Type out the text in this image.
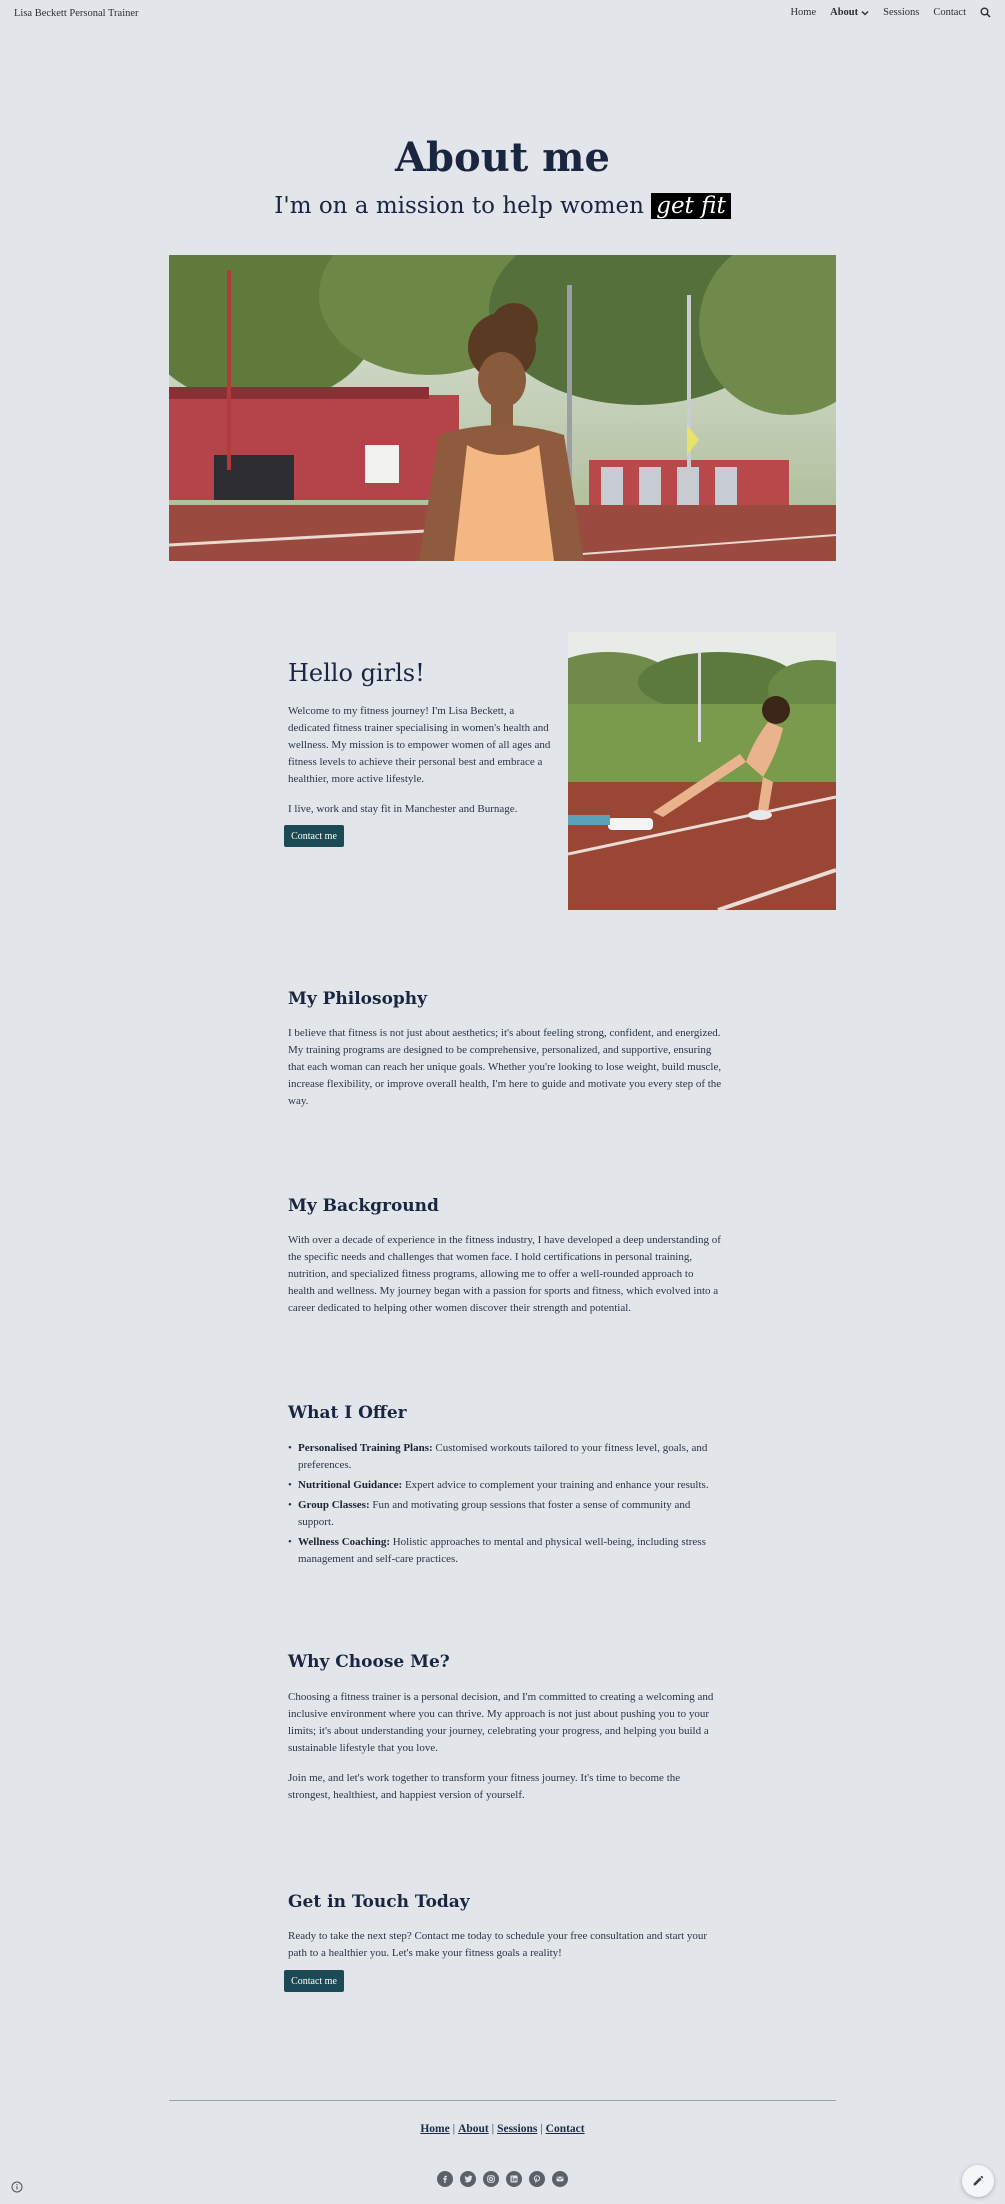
Lisa Beckett Personal Trainer	Home About Sessions Contact
About me
I'm on a mission to help women get fit
Hello girls!
Welcome to my fitness journey! I'm Lisa Beckett, a
dedicated fitness trainer specialising in women's health and
wellness. My mission is to empower women of all ages and
fitness levels to achieve their personal best and embrace a
healthier, more active lifestyle.
I live, work and stay fit in Manchester and Burnage.
Contact me
My Philosophy
I believe that fitness is not just about aesthetics; it's about feeling strong, confident, and energized.
My training programs are designed to be comprehensive, personalized, and supportive, ensuring
that each woman can reach her unique goals. Whether you're looking to lose weight, build muscle,
increase flexibility, or improve overall health, I'm here to guide and motivate you every step of the
way.
My Background
With over a decade of experience in the fitness industry, I have developed a deep understanding of
the specific needs and challenges that women face. I hold certifications in personal training,
nutrition, and specialized fitness programs, allowing me to offer a well-rounded approach to
health and wellness. My journey began with a passion for sports and fitness, which evolved into a
career dedicated to helping other women discover their strength and potential.
What I Offer
• Personalised Training Plans: Customised workouts tailored to your fitness level, goals, and preferences.
• Nutritional Guidance: Expert advice to complement your training and enhance your results.
• Group Classes: Fun and motivating group sessions that foster a sense of community and support.
• Wellness Coaching: Holistic approaches to mental and physical well-being, including stress management and self-care practices.
Why Choose Me?
Choosing a fitness trainer is a personal decision, and I'm committed to creating a welcoming and
inclusive environment where you can thrive. My approach is not just about pushing you to your
limits; it's about understanding your journey, celebrating your progress, and helping you build a
sustainable lifestyle that you love.
Join me, and let's work together to transform your fitness journey. It's time to become the
strongest, healthiest, and happiest version of yourself.
Get in Touch Today
Ready to take the next step? Contact me today to schedule your free consultation and start your
path to a healthier you. Let's make your fitness goals a reality!
Contact me
Home | About | Sessions | Contact
